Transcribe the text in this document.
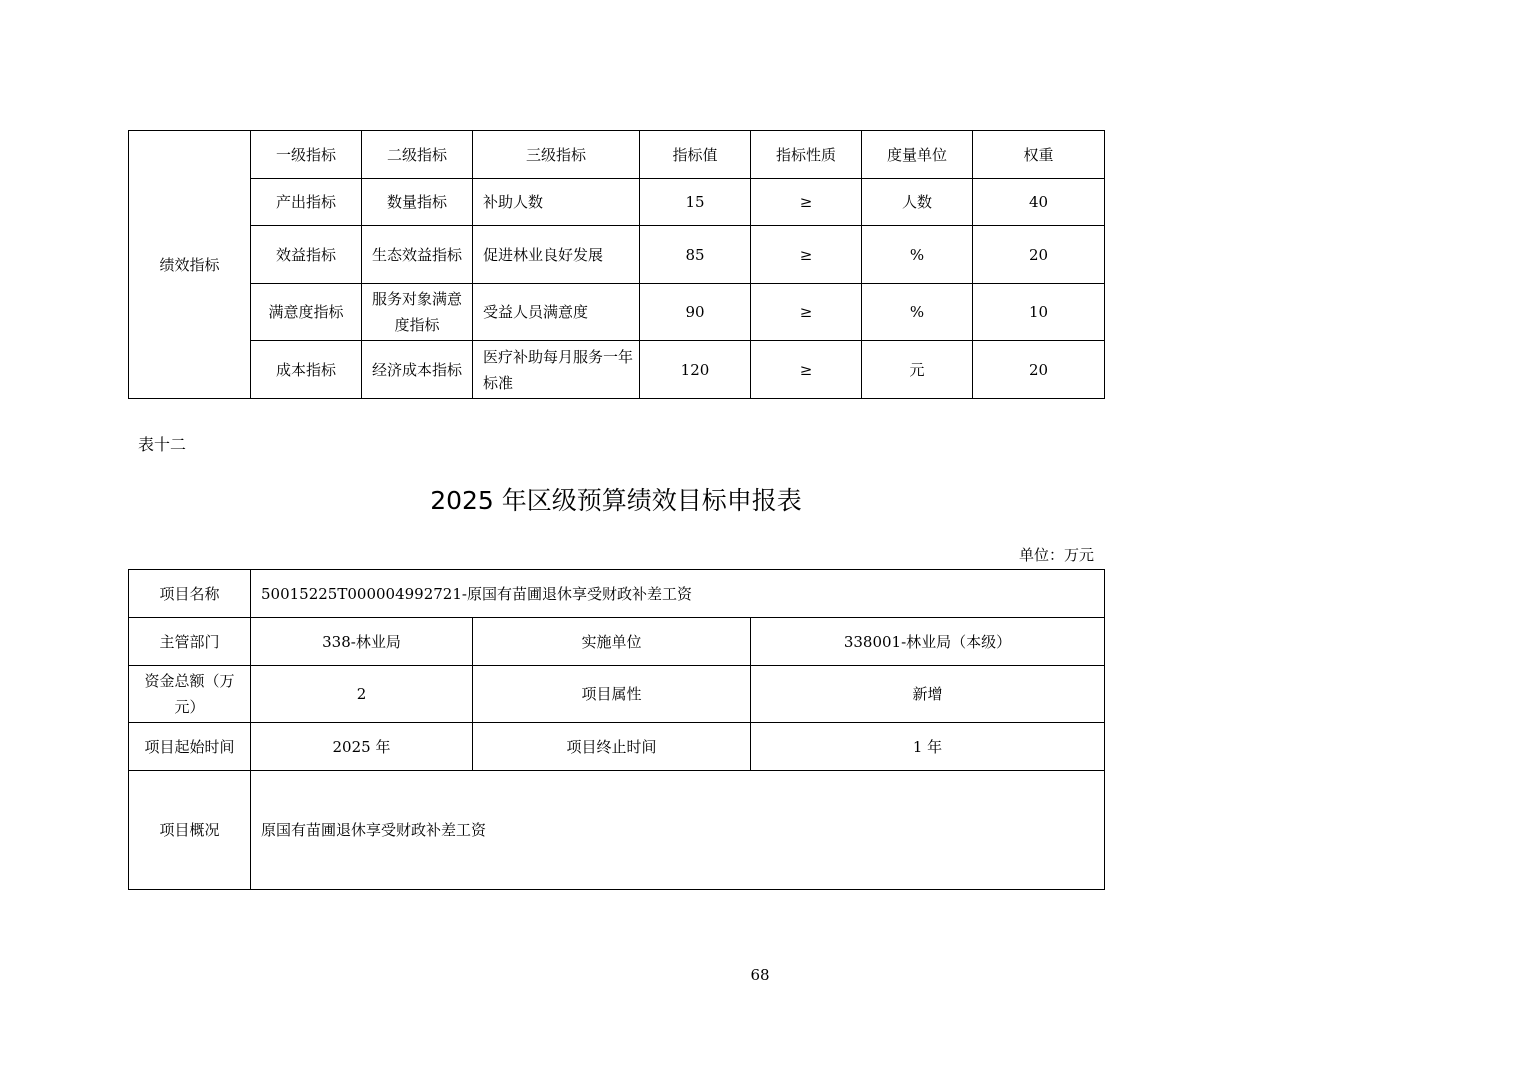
绩效指标	一级指标	二级指标	三级指标	指标值	指标性质	度量单位	权重
	产出指标	数量指标	补助人数	15	≥	人数	40
	效益指标	生态效益指标	促进林业良好发展	85	≥	%	20
	满意度指标	服务对象满意度指标	受益人员满意度	90	≥	%	10
	成本指标	经济成本指标	医疗补助每月服务一年标准	120	≥	元	20
表十二
2025 年区级预算绩效目标申报表
单位：万元
项目名称	50015225T000004992721-原国有苗圃退休享受财政补差工资		
主管部门	338-林业局	实施单位	338001-林业局（本级）
资金总额（万元）	2	项目属性	新增
项目起始时间	2025 年	项目终止时间	1 年
项目概况	原国有苗圃退休享受财政补差工资		
68
